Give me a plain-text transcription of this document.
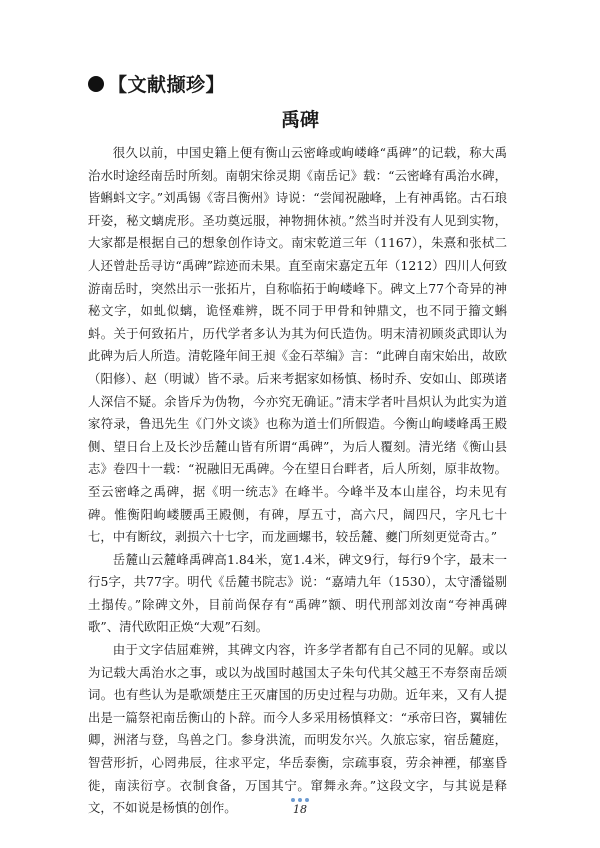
【文献撷珍】
禹碑

很久以前，中国史籍上便有衡山云密峰或岣嵝峰“禹碑”的记载，称大禹治水时途经南岳时所刻。南朝宋徐灵期《南岳记》载：“云密峰有禹治水碑，皆蝌蚪文字。”刘禹锡《寄吕衡州》诗说：“尝闻祝融峰，上有神禹铭。古石琅玕姿，秘文螭虎形。圣功奠远服，神物拥休祯。”然当时并没有人见到实物，大家都是根据自己的想象创作诗文。南宋乾道三年（1167），朱熹和张栻二人还曾赴岳寻访“禹碑”踪迹而未果。直至南宋嘉定五年（1212）四川人何致游南岳时，突然出示一张拓片，自称临拓于岣嵝峰下。碑文上77个奇异的神秘文字，如虬似螭，诡怪难辨，既不同于甲骨和钟鼎文，也不同于籀文蝌蚪。关于何致拓片，历代学者多认为其为何氏造伪。明末清初顾炎武即认为此碑为后人所造。清乾隆年间王昶《金石萃编》言：“此碑自南宋始出，故欧（阳修）、赵（明诚）皆不录。后来考据家如杨慎、杨时乔、安如山、郎瑛诸人深信不疑。余皆斥为伪物，今亦究无确证。”清末学者叶昌炽认为此实为道家符录，鲁迅先生《门外文谈》也称为道士们所假造。今衡山岣嵝峰禹王殿侧、望日台上及长沙岳麓山皆有所谓“禹碑”，为后人覆刻。清光绪《衡山县志》卷四十一载：“祝融旧无禹碑。今在望日台畔者，后人所刻，原非故物。至云密峰之禹碑，据《明一统志》在峰半。今峰半及本山崖谷，均未见有碑。惟衡阳岣嵝腰禹王殿侧，有碑，厚五寸，高六尺，阔四尺，字凡七十七，中有断纹，剥损六十七字，而龙画螺书，较岳麓、夔门所刻更觉奇古。”

岳麓山云麓峰禹碑高1.84米，宽1.4米，碑文9行，每行9个字，最末一行5字，共77字。明代《岳麓书院志》说：“嘉靖九年（1530），太守潘镒剔土搨传。”除碑文外，目前尚保存有“禹碑”额、明代刑部刘汝南“夸神禹碑歌”、清代欧阳正焕“大观”石刻。

由于文字佶屈难辨，其碑文内容，许多学者都有自己不同的见解。或以为记载大禹治水之事，或以为战国时越国太子朱句代其父越王不寿祭南岳颂词。也有些认为是歌颂楚庄王灭庸国的历史过程与功勋。近年来，又有人提出是一篇祭祀南岳衡山的卜辞。而今人多采用杨慎释文：“承帝曰咨，翼辅佐卿，洲渚与登，鸟兽之门。参身洪流，而明发尔兴。久旅忘家，宿岳麓庭，智营形折，心罔弗辰，往求平定，华岳泰衡，宗疏事裒，劳余神禋，郁塞昏徙，南渎衍亨。衣制食备，万国其宁。窜舞永奔。”这段文字，与其说是释文，不如说是杨慎的创作。	18
